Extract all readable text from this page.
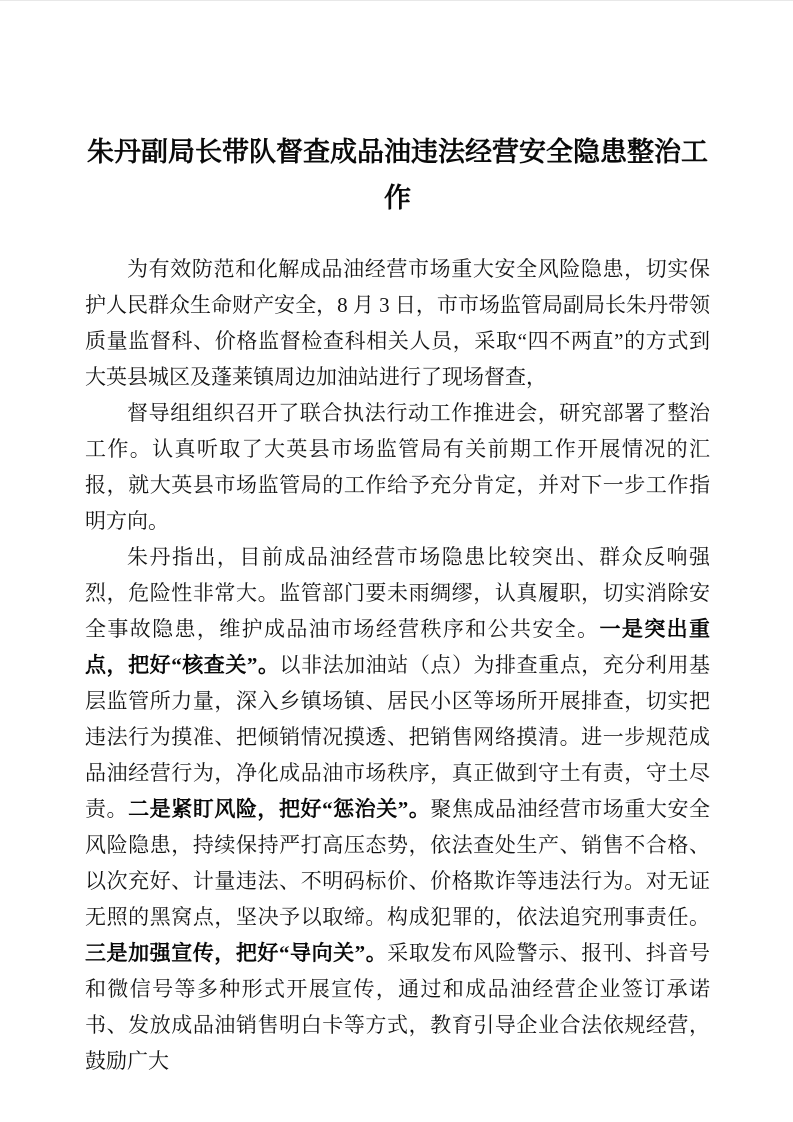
朱丹副局长带队督查成品油违法经营安全隐患整治工作

为有效防范和化解成品油经营市场重大安全风险隐患，切实保护人民群众生命财产安全，8 月 3 日，市市场监管局副局长朱丹带领质量监督科、价格监督检查科相关人员，采取“四不两直”的方式到大英县城区及蓬莱镇周边加油站进行了现场督查，

督导组组织召开了联合执法行动工作推进会，研究部署了整治工作。认真听取了大英县市场监管局有关前期工作开展情况的汇报，就大英县市场监管局的工作给予充分肯定，并对下一步工作指明方向。

朱丹指出，目前成品油经营市场隐患比较突出、群众反响强烈，危险性非常大。监管部门要未雨绸缪，认真履职，切实消除安全事故隐患，维护成品油市场经营秩序和公共安全。一是突出重点，把好“核查关”。以非法加油站（点）为排查重点，充分利用基层监管所力量，深入乡镇场镇、居民小区等场所开展排查，切实把违法行为摸准、把倾销情况摸透、把销售网络摸清。进一步规范成品油经营行为，净化成品油市场秩序，真正做到守土有责，守土尽责。二是紧盯风险，把好“惩治关”。聚焦成品油经营市场重大安全风险隐患，持续保持严打高压态势，依法查处生产、销售不合格、以次充好、计量违法、不明码标价、价格欺诈等违法行为。对无证无照的黑窝点，坚决予以取缔。构成犯罪的，依法追究刑事责任。三是加强宣传，把好“导向关”。采取发布风险警示、报刊、抖音号和微信号等多种形式开展宣传，通过和成品油经营企业签订承诺书、发放成品油销售明白卡等方式，教育引导企业合法依规经营，鼓励广大
